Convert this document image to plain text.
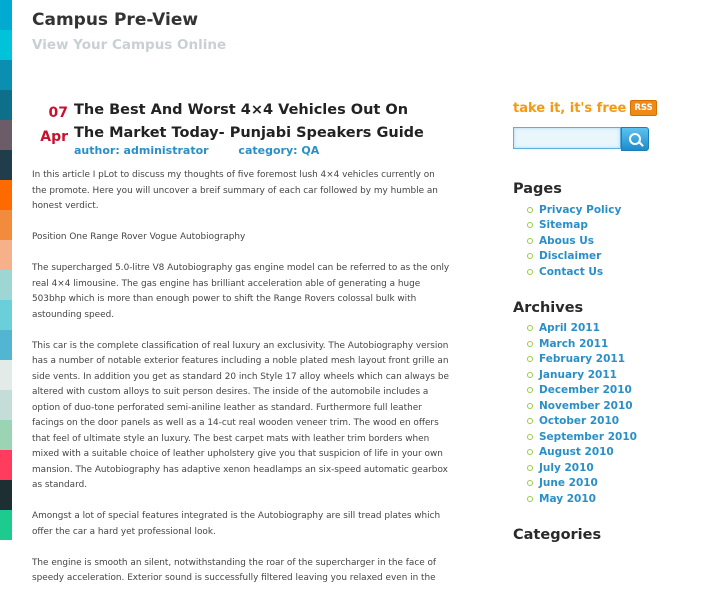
Campus Pre-View
View Your Campus Online
07
Apr
The Best And Worst 4×4 Vehicles Out On The Market Today- Punjabi Speakers Guide
author: administrator	category: QA

In this article I pLot to discuss my thoughts of five foremost lush 4×4 vehicles currently on the promote. Here you will uncover a breif summary of each car followed by my humble an honest verdict.

Position One Range Rover Vogue Autobiography

The supercharged 5.0-litre V8 Autobiography gas engine model can be referred to as the only real 4×4 limousine. The gas engine has brilliant acceleration able of generating a huge 503bhp which is more than enough power to shift the Range Rovers colossal bulk with astounding speed.

This car is the complete classification of real luxury an exclusivity. The Autobiography version has a number of notable exterior features including a noble plated mesh layout front grille an side vents. In addition you get as standard 20 inch Style 17 alloy wheels which can always be altered with custom alloys to suit person desires. The inside of the automobile includes a option of duo-tone perforated semi-aniline leather as standard. Furthermore full leather facings on the door panels as well as a 14-cut real wooden veneer trim. The wood en offers that feel of ultimate style an luxury. The best carpet mats with leather trim borders when mixed with a suitable choice of leather upholstery give you that suspicion of life in your own mansion. The Autobiography has adaptive xenon headlamps an six-speed automatic gearbox as standard.

Amongst a lot of special features integrated is the Autobiography are sill tread plates which offer the car a hard yet professional look.

The engine is smooth an silent, notwithstanding the roar of the supercharger in the face of speedy acceleration. Exterior sound is successfully filtered leaving you relaxed even in the

take it, it's free RSS
Pages
Privacy Policy
Sitemap
Abous Us
Disclaimer
Contact Us
Archives
April 2011
March 2011
February 2011
January 2011
December 2010
November 2010
October 2010
September 2010
August 2010
July 2010
June 2010
May 2010
Categories
